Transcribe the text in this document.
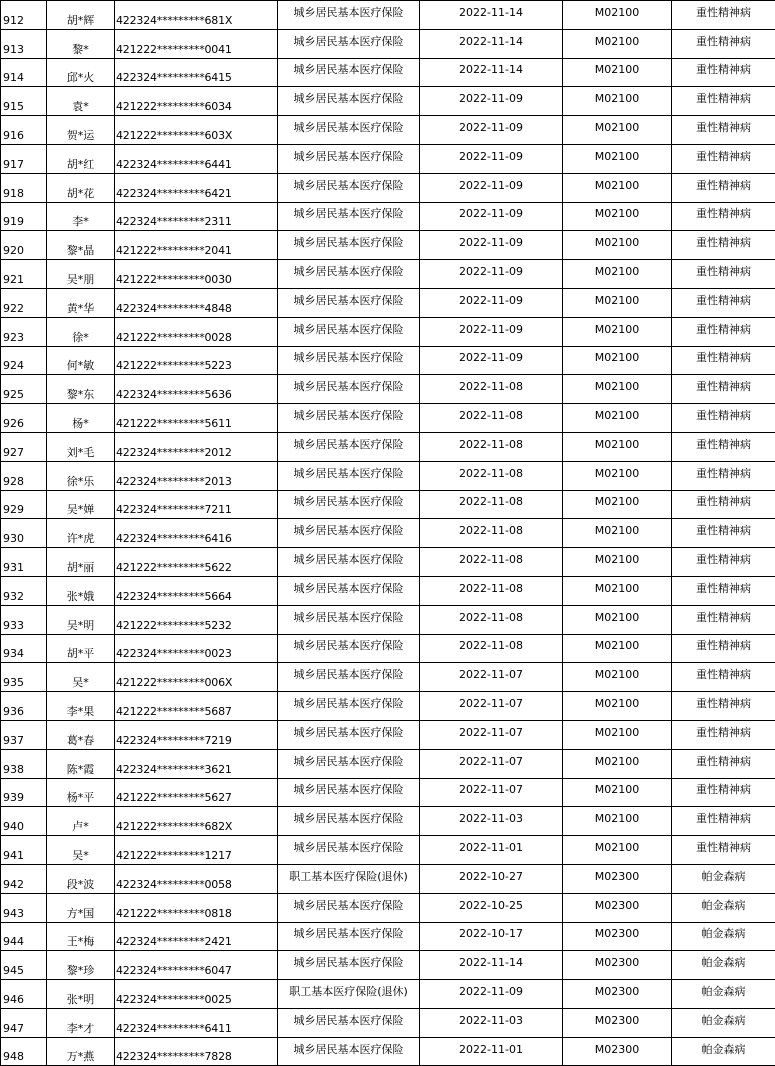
912	胡*辉	422324*********681X	城乡居民基本医疗保险	2022-11-14	M02100	重性精神病
913	黎*	421222*********0041	城乡居民基本医疗保险	2022-11-14	M02100	重性精神病
914	邱*火	422324*********6415	城乡居民基本医疗保险	2022-11-14	M02100	重性精神病
915	袁*	421222*********6034	城乡居民基本医疗保险	2022-11-09	M02100	重性精神病
916	贺*运	421222*********603X	城乡居民基本医疗保险	2022-11-09	M02100	重性精神病
917	胡*红	422324*********6441	城乡居民基本医疗保险	2022-11-09	M02100	重性精神病
918	胡*花	422324*********6421	城乡居民基本医疗保险	2022-11-09	M02100	重性精神病
919	李*	422324*********2311	城乡居民基本医疗保险	2022-11-09	M02100	重性精神病
920	黎*晶	421222*********2041	城乡居民基本医疗保险	2022-11-09	M02100	重性精神病
921	吴*朋	421222*********0030	城乡居民基本医疗保险	2022-11-09	M02100	重性精神病
922	黄*华	422324*********4848	城乡居民基本医疗保险	2022-11-09	M02100	重性精神病
923	徐*	421222*********0028	城乡居民基本医疗保险	2022-11-09	M02100	重性精神病
924	何*敏	421222*********5223	城乡居民基本医疗保险	2022-11-09	M02100	重性精神病
925	黎*东	422324*********5636	城乡居民基本医疗保险	2022-11-08	M02100	重性精神病
926	杨*	421222*********5611	城乡居民基本医疗保险	2022-11-08	M02100	重性精神病
927	刘*毛	422324*********2012	城乡居民基本医疗保险	2022-11-08	M02100	重性精神病
928	徐*乐	422324*********2013	城乡居民基本医疗保险	2022-11-08	M02100	重性精神病
929	吴*婵	422324*********7211	城乡居民基本医疗保险	2022-11-08	M02100	重性精神病
930	许*虎	422324*********6416	城乡居民基本医疗保险	2022-11-08	M02100	重性精神病
931	胡*丽	421222*********5622	城乡居民基本医疗保险	2022-11-08	M02100	重性精神病
932	张*娥	422324*********5664	城乡居民基本医疗保险	2022-11-08	M02100	重性精神病
933	吴*明	421222*********5232	城乡居民基本医疗保险	2022-11-08	M02100	重性精神病
934	胡*平	422324*********0023	城乡居民基本医疗保险	2022-11-08	M02100	重性精神病
935	吴*	421222*********006X	城乡居民基本医疗保险	2022-11-07	M02100	重性精神病
936	李*果	421222*********5687	城乡居民基本医疗保险	2022-11-07	M02100	重性精神病
937	葛*春	422324*********7219	城乡居民基本医疗保险	2022-11-07	M02100	重性精神病
938	陈*霞	422324*********3621	城乡居民基本医疗保险	2022-11-07	M02100	重性精神病
939	杨*平	421222*********5627	城乡居民基本医疗保险	2022-11-07	M02100	重性精神病
940	卢*	421222*********682X	城乡居民基本医疗保险	2022-11-03	M02100	重性精神病
941	吴*	421222*********1217	城乡居民基本医疗保险	2022-11-01	M02100	重性精神病
942	段*波	422324*********0058	职工基本医疗保险(退休)	2022-10-27	M02300	帕金森病
943	方*国	421222*********0818	城乡居民基本医疗保险	2022-10-25	M02300	帕金森病
944	王*梅	422324*********2421	城乡居民基本医疗保险	2022-10-17	M02300	帕金森病
945	黎*珍	422324*********6047	城乡居民基本医疗保险	2022-11-14	M02300	帕金森病
946	张*明	422324*********0025	职工基本医疗保险(退休)	2022-11-09	M02300	帕金森病
947	李*才	422324*********6411	城乡居民基本医疗保险	2022-11-03	M02300	帕金森病
948	万*燕	422324*********7828	城乡居民基本医疗保险	2022-11-01	M02300	帕金森病
